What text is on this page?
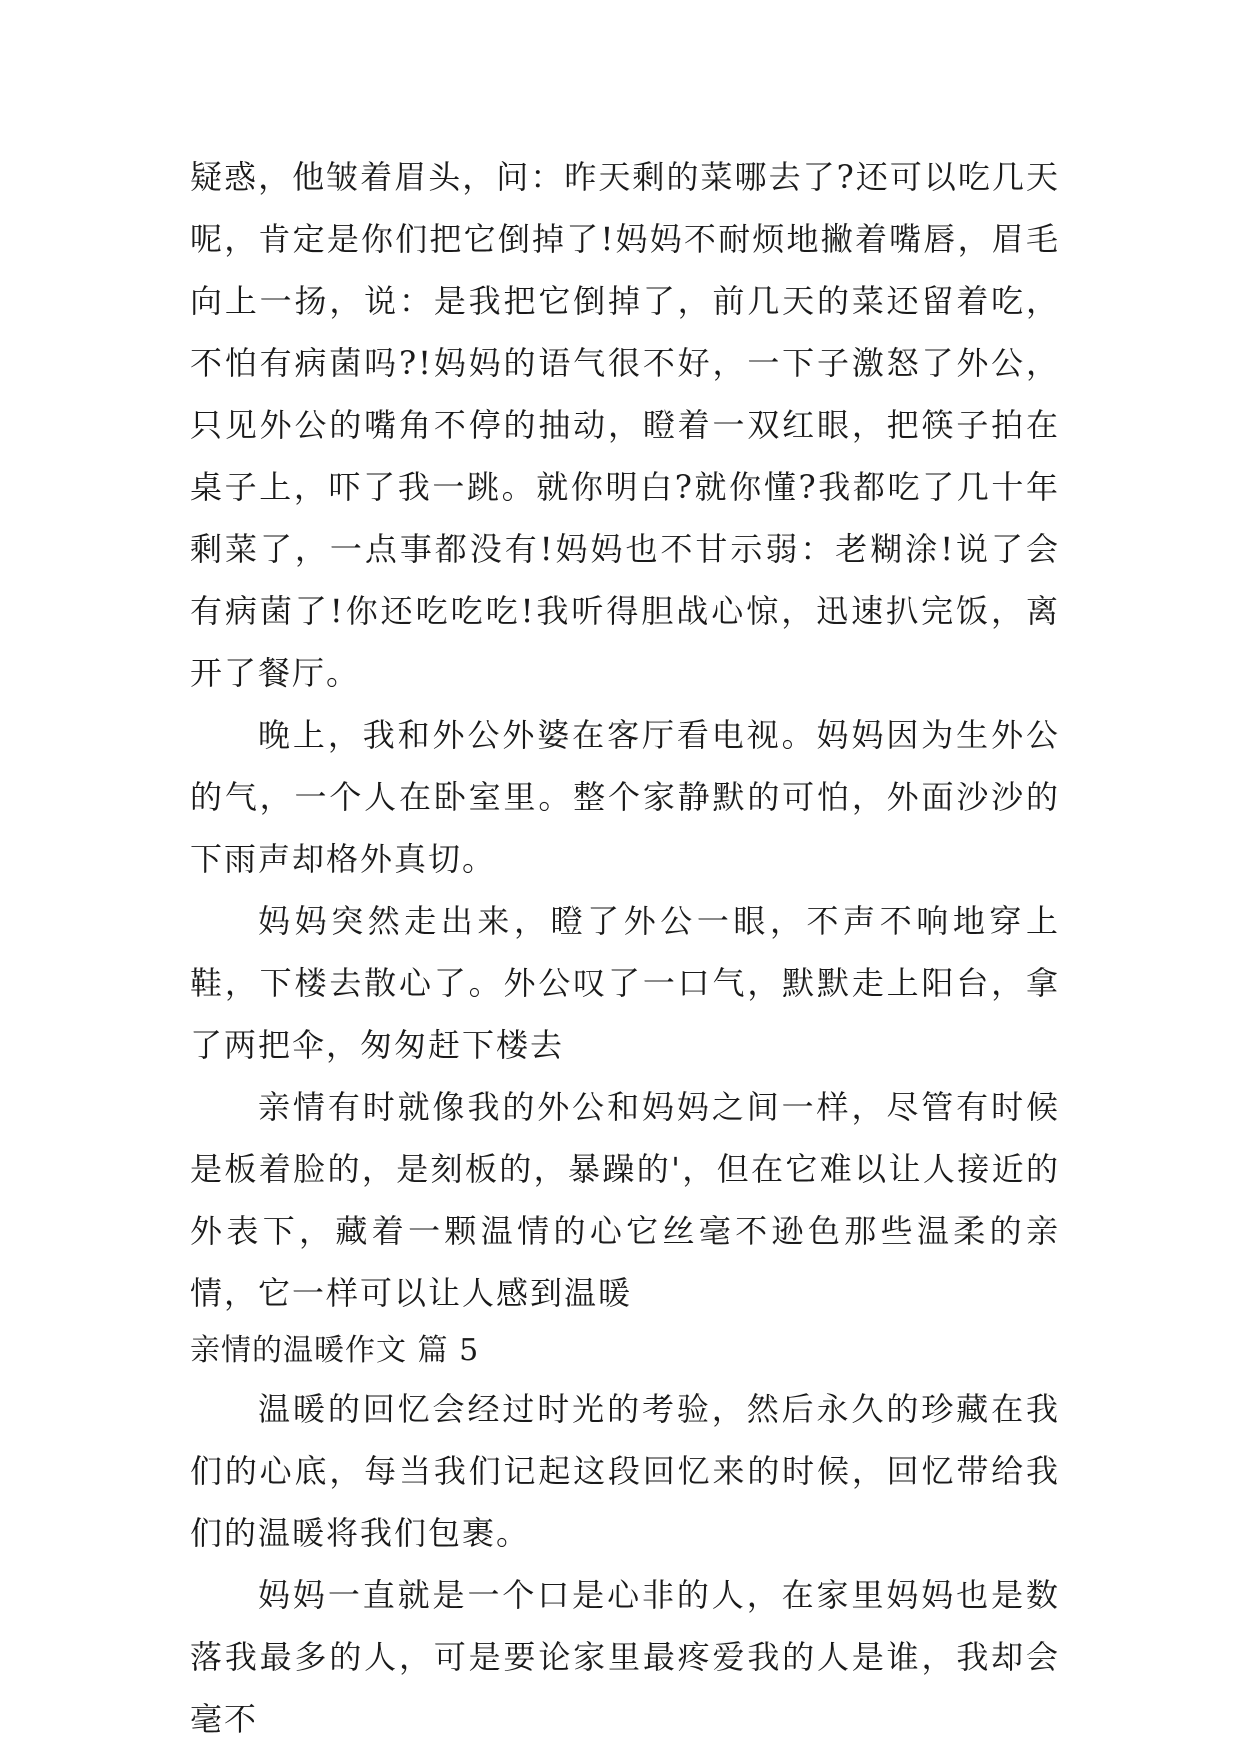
疑惑，他皱着眉头，问：昨天剩的菜哪去了?还可以吃几天呢，肯定是你们把它倒掉了!妈妈不耐烦地撇着嘴唇，眉毛向上一扬，说：是我把它倒掉了，前几天的菜还留着吃，不怕有病菌吗?!妈妈的语气很不好，一下子激怒了外公，只见外公的嘴角不停的抽动，瞪着一双红眼，把筷子拍在桌子上，吓了我一跳。就你明白?就你懂?我都吃了几十年剩菜了，一点事都没有!妈妈也不甘示弱：老糊涂!说了会有病菌了!你还吃吃吃!我听得胆战心惊，迅速扒完饭，离开了餐厅。

晚上，我和外公外婆在客厅看电视。妈妈因为生外公的气，一个人在卧室里。整个家静默的可怕，外面沙沙的下雨声却格外真切。

妈妈突然走出来，瞪了外公一眼，不声不响地穿上鞋，下楼去散心了。外公叹了一口气，默默走上阳台，拿了两把伞，匆匆赶下楼去

亲情有时就像我的外公和妈妈之间一样，尽管有时候是板着脸的，是刻板的，暴躁的'，但在它难以让人接近的外表下，藏着一颗温情的心它丝毫不逊色那些温柔的亲情，它一样可以让人感到温暖

亲情的温暖作文 篇 5

温暖的回忆会经过时光的考验，然后永久的珍藏在我们的心底，每当我们记起这段回忆来的时候，回忆带给我们的温暖将我们包裹。

妈妈一直就是一个口是心非的人，在家里妈妈也是数落我最多的人，可是要论家里最疼爱我的人是谁，我却会毫不
